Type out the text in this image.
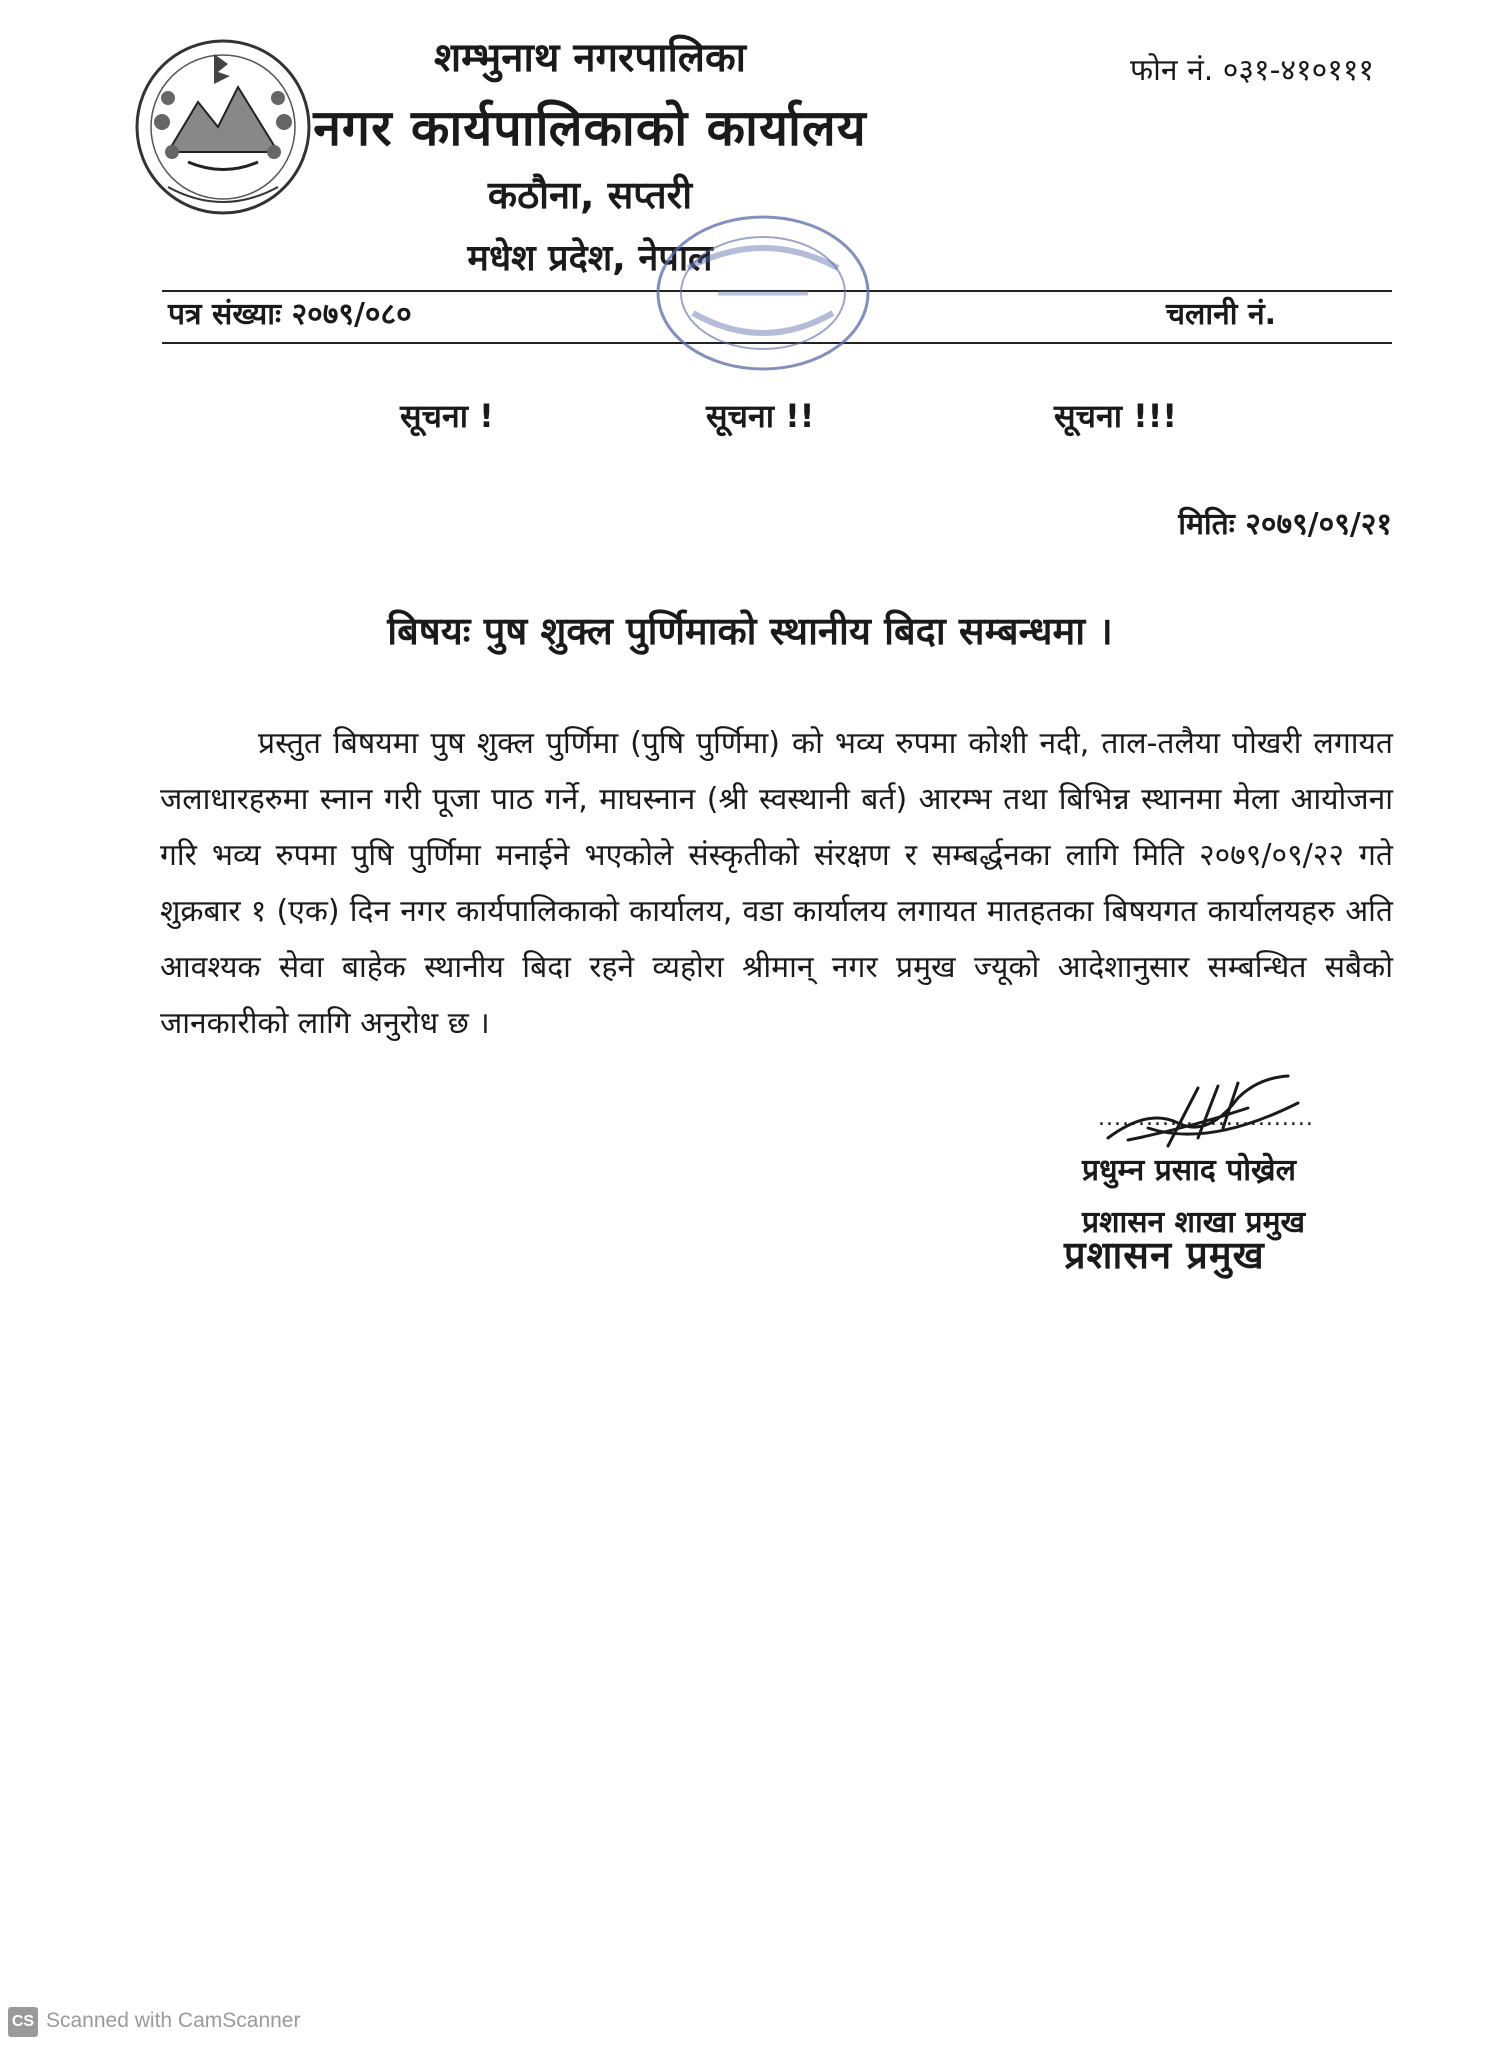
शम्भुनाथ नगरपालिका
नगर कार्यपालिकाको कार्यालय
कठौना, सप्तरी
मधेश प्रदेश, नेपाल
फोन नं. ०३१-४१०१११
पत्र संख्याः २०७९/०८०	चलानी नं.
सूचना !	सूचना !!	सूचना !!!
मितिः २०७९/०९/२१
बिषयः पुष शुक्ल पुर्णिमाको स्थानीय बिदा सम्बन्धमा ।
प्रस्तुत बिषयमा पुष शुक्ल पुर्णिमा (पुषि पुर्णिमा) को भव्य रुपमा कोशी नदी, ताल-तलैया पोखरी लगायत जलाधारहरुमा स्नान गरी पूजा पाठ गर्ने, माघस्नान (श्री स्वस्थानी बर्त) आरम्भ तथा बिभिन्न स्थानमा मेला आयोजना गरि भव्य रुपमा पुषि पुर्णिमा मनाईने भएकोले संस्कृतीको संरक्षण र सम्बर्द्धनका लागि मिति २०७९/०९/२२ गते शुक्रबार १ (एक) दिन नगर कार्यपालिकाको कार्यालय, वडा कार्यालय लगायत मातहतका बिषयगत कार्यालयहरु अति आवश्यक सेवा बाहेक स्थानीय बिदा रहने व्यहोरा श्रीमान् नगर प्रमुख ज्यूको आदेशानुसार सम्बन्धित सबैको जानकारीको लागि अनुरोध छ ।
...........................
प्रधुम्न प्रसाद पोख्रेल
प्रशासन शाखा प्रमुख
प्रशासन प्रमुख
CS Scanned with CamScanner
